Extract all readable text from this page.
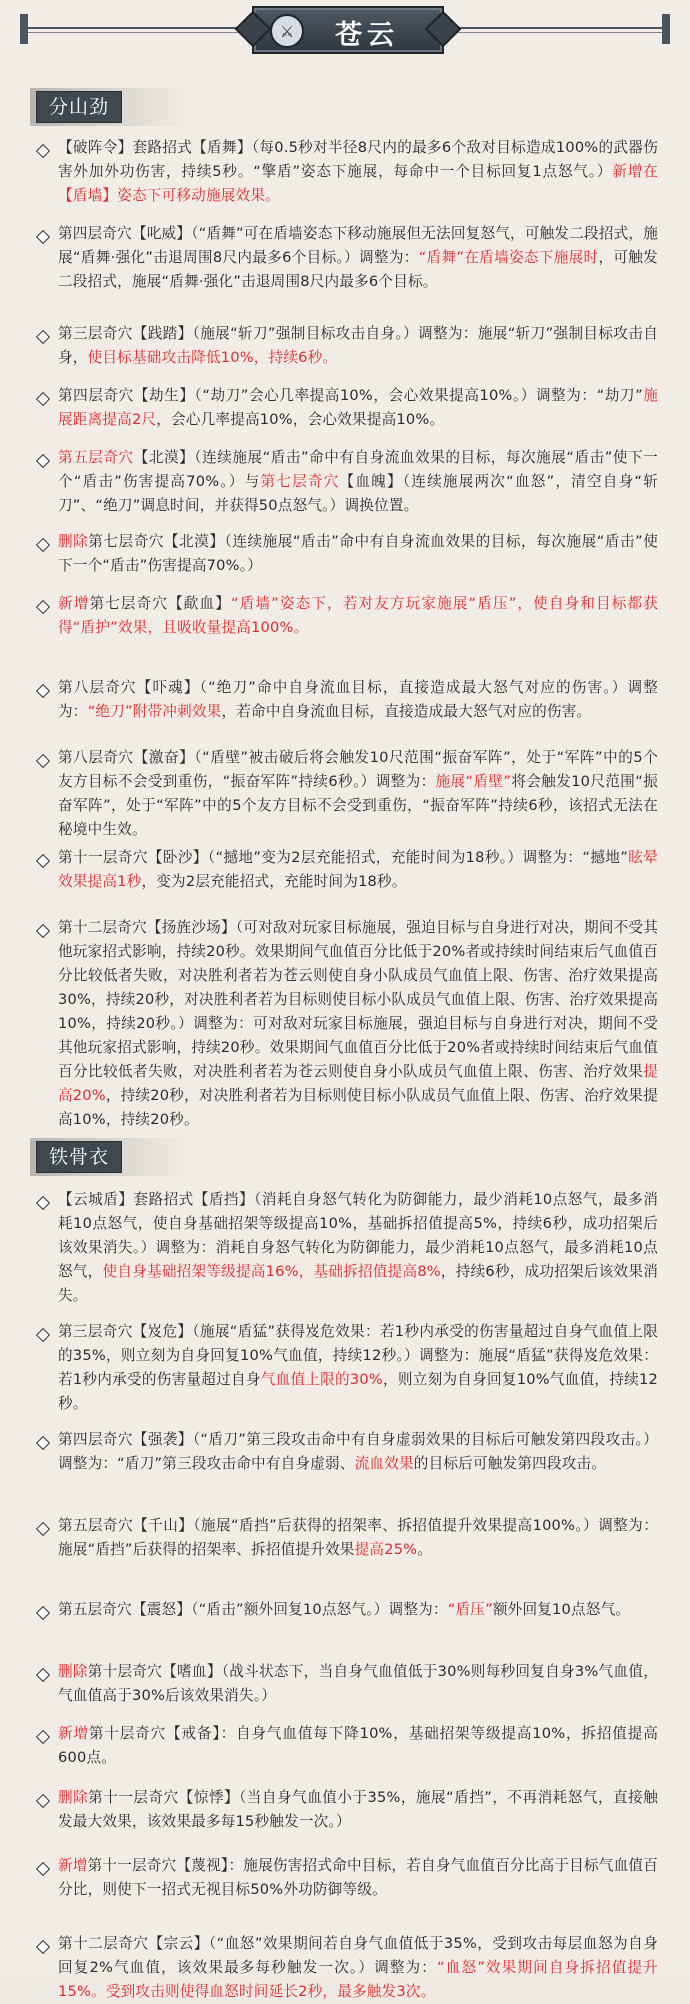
⚔	苍云
分山劲
【破阵令】套路招式【盾舞】（每0.5秒对半径8尺内的最多6个敌对目标造成100%的武器伤害外加外功伤害，持续5秒。“擎盾”姿态下施展，每命中一个目标回复1点怒气。）新增在【盾墙】姿态下可移动施展效果。
第四层奇穴【叱威】（“盾舞”可在盾墙姿态下移动施展但无法回复怒气，可触发二段招式，施展“盾舞·强化”击退周围8尺内最多6个目标。）调整为：“盾舞”在盾墙姿态下施展时，可触发二段招式，施展“盾舞·强化”击退周围8尺内最多6个目标。
第三层奇穴【践踏】（施展“斩刀”强制目标攻击自身。）调整为：施展“斩刀”强制目标攻击自身，使目标基础攻击降低10%，持续6秒。
第四层奇穴【劫生】（“劫刀”会心几率提高10%，会心效果提高10%。）调整为：“劫刀”施展距离提高2尺，会心几率提高10%，会心效果提高10%。
第五层奇穴【北漠】（连续施展“盾击”命中有自身流血效果的目标，每次施展“盾击”使下一个“盾击”伤害提高70%。）与第七层奇穴【血魄】（连续施展两次“血怒”，清空自身“斩刀”、“绝刀”调息时间，并获得50点怒气。）调换位置。
删除第七层奇穴【北漠】（连续施展“盾击”命中有自身流血效果的目标，每次施展“盾击”使下一个“盾击”伤害提高70%。）
新增第七层奇穴【歃血】“盾墙”姿态下，若对友方玩家施展“盾压”，使自身和目标都获得“盾护”效果，且吸收量提高100%。
第八层奇穴【吓魂】（“绝刀”命中自身流血目标，直接造成最大怒气对应的伤害。）调整为：“绝刀”附带冲刺效果，若命中自身流血目标，直接造成最大怒气对应的伤害。
第八层奇穴【激奋】（“盾壁”被击破后将会触发10尺范围“振奋军阵”，处于“军阵”中的5个友方目标不会受到重伤，“振奋军阵”持续6秒。）调整为：施展“盾壁”将会触发10尺范围“振奋军阵”，处于“军阵”中的5个友方目标不会受到重伤，“振奋军阵”持续6秒，该招式无法在秘境中生效。
第十一层奇穴【卧沙】（“撼地”变为2层充能招式，充能时间为18秒。）调整为：“撼地”眩晕效果提高1秒，变为2层充能招式，充能时间为18秒。
第十二层奇穴【扬旌沙场】（可对敌对玩家目标施展，强迫目标与自身进行对决，期间不受其他玩家招式影响，持续20秒。效果期间气血值百分比低于20%者或持续时间结束后气血值百分比较低者失败，对决胜利者若为苍云则使自身小队成员气血值上限、伤害、治疗效果提高30%，持续20秒，对决胜利者若为目标则使目标小队成员气血值上限、伤害、治疗效果提高10%，持续20秒。）调整为：可对敌对玩家目标施展，强迫目标与自身进行对决，期间不受其他玩家招式影响，持续20秒。效果期间气血值百分比低于20%者或持续时间结束后气血值百分比较低者失败，对决胜利者若为苍云则使自身小队成员气血值上限、伤害、治疗效果提高20%，持续20秒，对决胜利者若为目标则使目标小队成员气血值上限、伤害、治疗效果提高10%，持续20秒。
铁骨衣
【云城盾】套路招式【盾挡】（消耗自身怒气转化为防御能力，最少消耗10点怒气，最多消耗10点怒气，使自身基础招架等级提高10%，基础拆招值提高5%，持续6秒，成功招架后该效果消失。）调整为：消耗自身怒气转化为防御能力，最少消耗10点怒气，最多消耗10点怒气，使自身基础招架等级提高16%，基础拆招值提高8%，持续6秒，成功招架后该效果消失。
第三层奇穴【岌危】（施展“盾猛”获得岌危效果：若1秒内承受的伤害量超过自身气血值上限的35%，则立刻为自身回复10%气血值，持续12秒。）调整为：施展“盾猛”获得岌危效果：若1秒内承受的伤害量超过自身气血值上限的30%，则立刻为自身回复10%气血值，持续12秒。
第四层奇穴【强袭】（“盾刀”第三段攻击命中有自身虚弱效果的目标后可触发第四段攻击。）调整为：“盾刀”第三段攻击命中有自身虚弱、流血效果的目标后可触发第四段攻击。
第五层奇穴【千山】（施展“盾挡”后获得的招架率、拆招值提升效果提高100%。）调整为：施展“盾挡”后获得的招架率、拆招值提升效果提高25%。
第五层奇穴【震怒】（“盾击”额外回复10点怒气。）调整为：“盾压”额外回复10点怒气。
删除第十层奇穴【嗜血】（战斗状态下，当自身气血值低于30%则每秒回复自身3%气血值，气血值高于30%后该效果消失。）
新增第十层奇穴【戒备】：自身气血值每下降10%，基础招架等级提高10%，拆招值提高600点。
删除第十一层奇穴【惊悸】（当自身气血值小于35%，施展“盾挡”，不再消耗怒气，直接触发最大效果，该效果最多每15秒触发一次。）
新增第十一层奇穴【蔑视】：施展伤害招式命中目标，若自身气血值百分比高于目标气血值百分比，则使下一招式无视目标50%外功防御等级。
第十二层奇穴【宗云】（“血怒”效果期间若自身气血值低于35%，受到攻击每层血怒为自身回复2%气血值，该效果最多每秒触发一次。）调整为：“血怒”效果期间自身拆招值提升15%。受到攻击则使得血怒时间延长2秒，最多触发3次。
